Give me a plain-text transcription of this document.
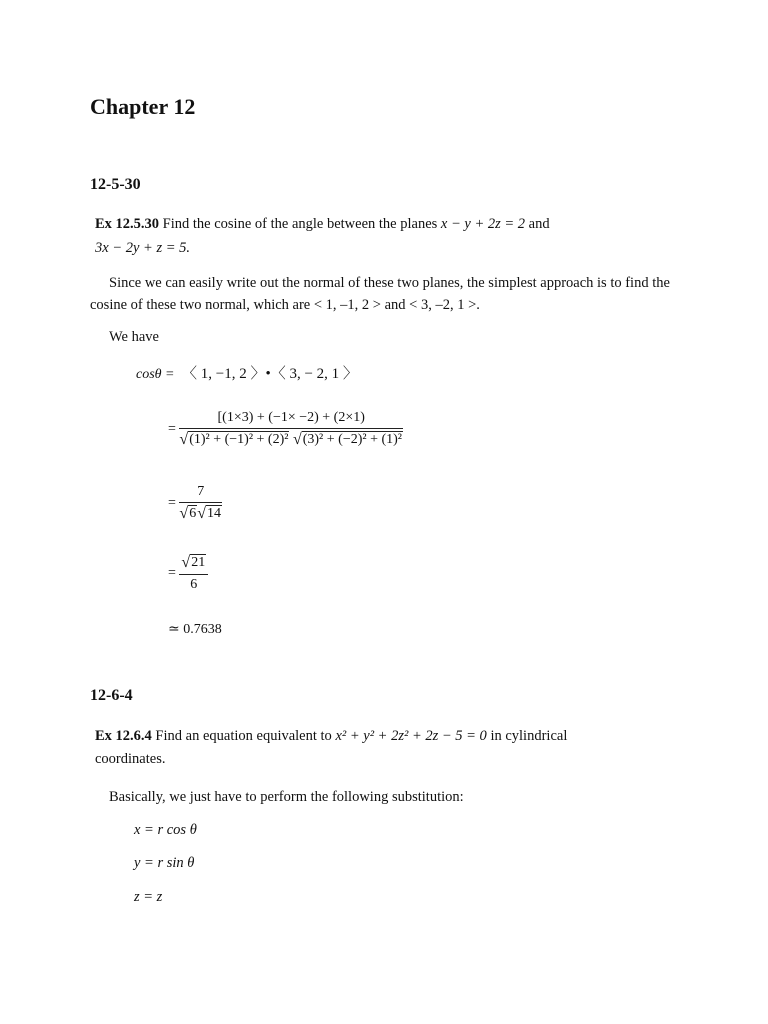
Chapter 12
12-5-30
Ex 12.5.30 Find the cosine of the angle between the planes x − y + 2z = 2 and
3x − 2y + z = 5.
Since we can easily write out the normal of these two planes, the simplest approach is to find the cosine of these two normal, which are < 1, –1, 2 > and < 3, –2, 1 >.
We have
cosθ = 〈 1, −1, 2 〉•〈 3, − 2, 1 〉
= $\frac{[(1\times 3) + (-1\times -2) + (2\times 1)}{\text{√(1)² + (−1)² + (2)² √(3)² + (−2)² + (1)²}}$
= $\frac{7}{√6√14}$
= $\frac{√21}{6}$
≃ 0.7638
12-6-4
Ex 12.6.4 Find an equation equivalent to x² + y² + 2z² + 2z − 5 = 0 in cylindrical
coordinates.
Basically, we just have to perform the following substitution:
x = r cos θ
y = r sin θ
z = z
